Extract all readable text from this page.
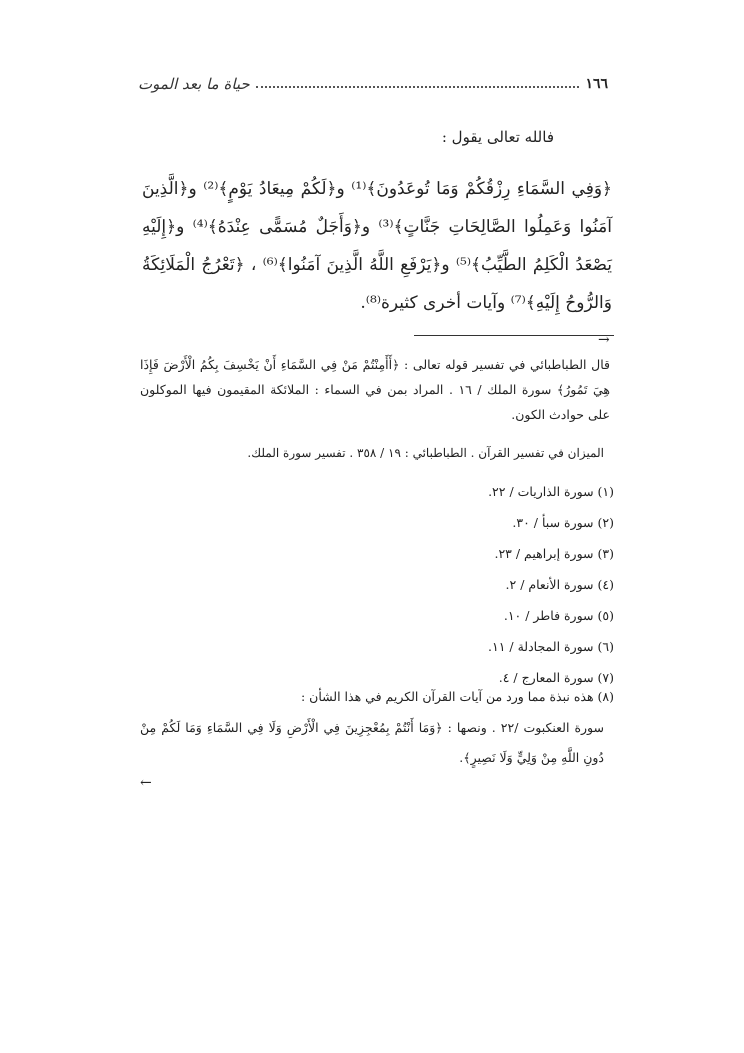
١٦٦
حياة ما بعد الموت
فالله تعالى يقول :
﴿وَفِي السَّمَاءِ رِزْقُكُمْ وَمَا تُوعَدُونَ﴾⁽¹⁾ و﴿لَكُمْ مِيعَادُ يَوْمٍ﴾⁽²⁾ و﴿الَّذِينَ آمَنُوا وَعَمِلُوا الصَّالِحَاتِ جَنَّاتٍ﴾⁽³⁾ و﴿وَأَجَلٌ مُسَمًّى عِنْدَهُ﴾⁽⁴⁾ و﴿إِلَيْهِ يَصْعَدُ الْكَلِمُ الطَّيِّبُ﴾⁽⁵⁾ و﴿يَرْفَعِ اللَّهُ الَّذِينَ آمَنُوا﴾⁽⁶⁾ ، ﴿تَعْرُجُ الْمَلَائِكَةُ وَالرُّوحُ إِلَيْهِ﴾⁽⁷⁾ وآيات أخرى كثيرة⁽⁸⁾.
→
قال الطباطبائي في تفسير قوله تعالى : ﴿أَأَمِنْتُمْ مَنْ فِي السَّمَاءِ أَنْ يَخْسِفَ بِكُمُ الْأَرْضَ فَإِذَا هِيَ تَمُورُ﴾ سورة الملك / ١٦ . المراد بمن في السماء : الملائكة المقيمون فيها الموكلون على حوادث الكون.
الميزان في تفسير القرآن . الطباطبائي : ١٩ / ٣٥٨ . تفسير سورة الملك.
(١) سورة الذاريات / ٢٢.
(٢) سورة سبأ / ٣٠.
(٣) سورة إبراهيم / ٢٣.
(٤) سورة الأنعام / ٢.
(٥) سورة فاطر / ١٠.
(٦) سورة المجادلة / ١١.
(٧) سورة المعارج / ٤.
(٨) هذه نبذة مما ورد من آيات القرآن الكريم في هذا الشأن :
سورة العنكبوت /٢٢ . ونصها : ﴿وَمَا أَنْتُمْ بِمُعْجِزِينَ فِي الْأَرْضِ وَلَا فِي السَّمَاءِ وَمَا لَكُمْ مِنْ دُونِ اللَّهِ مِنْ وَلِيٍّ وَلَا نَصِيرٍ﴾.
←
